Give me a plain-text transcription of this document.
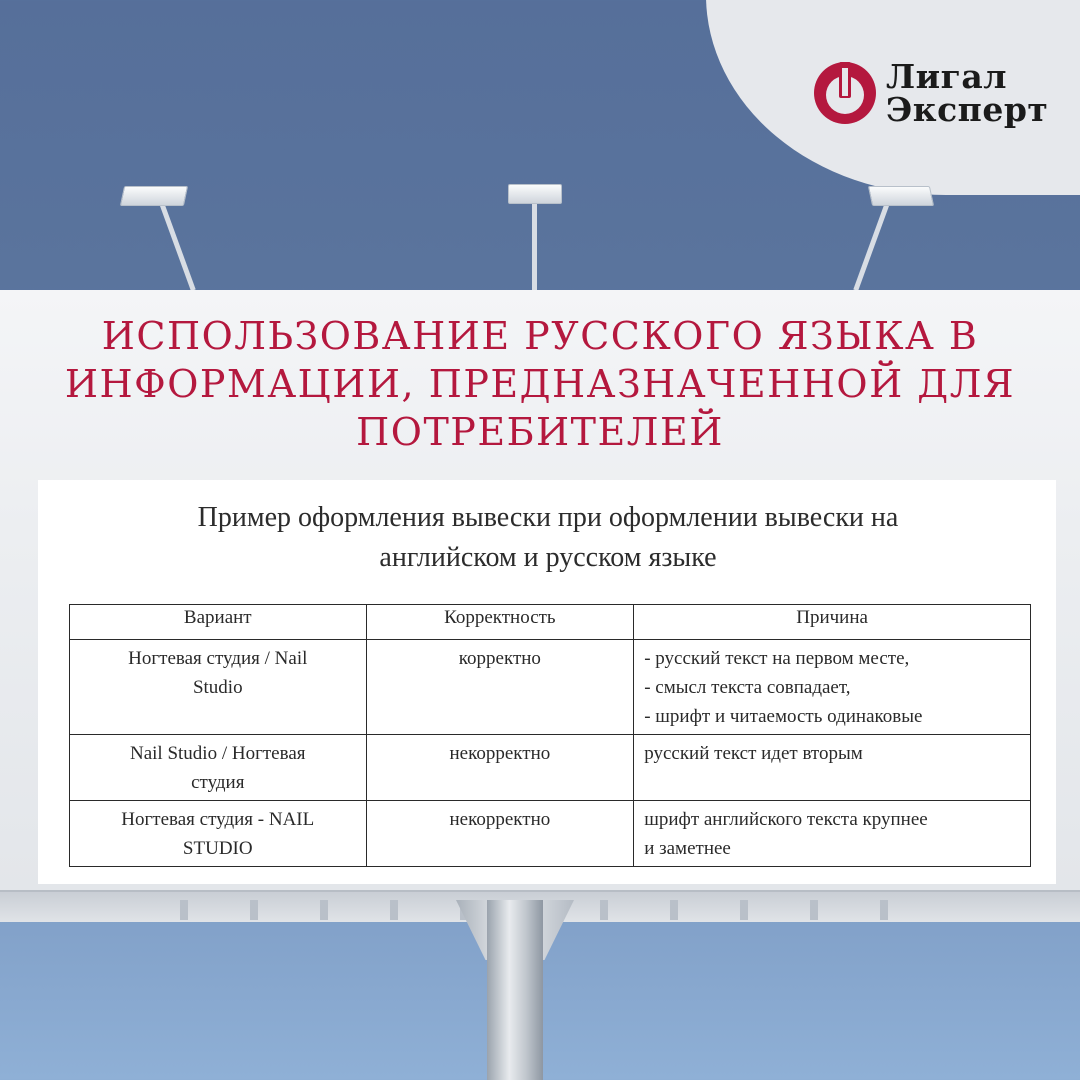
Лигал
Эксперт
ИСПОЛЬЗОВАНИЕ РУССКОГО ЯЗЫКА В
ИНФОРМАЦИИ, ПРЕДНАЗНАЧЕННОЙ ДЛЯ
ПОТРЕБИТЕЛЕЙ
Пример оформления вывески при оформлении вывески на
английском и русском языке
Вариант	Корректность	Причина

Ногтевая студия / Nail
Studio	корректно	- русский текст на первом месте,
- смысл текста совпадает,
- шрифт и читаемость одинаковые

Nail Studio / Ногтевая
студия	некорректно	русский текст идет вторым

Ногтевая студия - NAIL
STUDIO	некорректно	шрифт английского текста крупнее
и заметнее
